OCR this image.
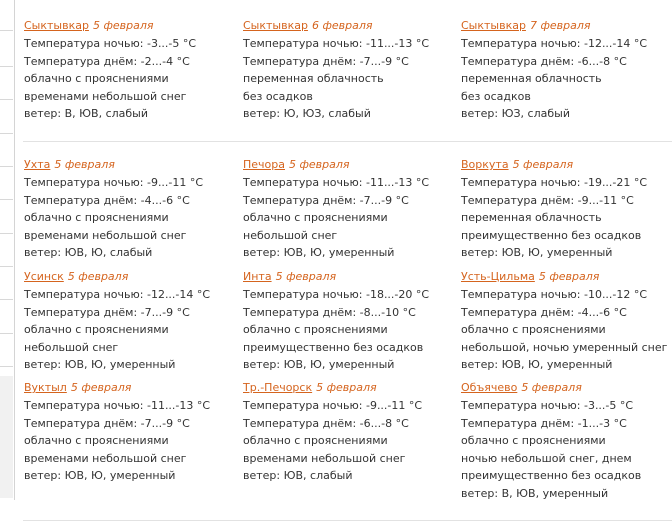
Сыктывкар 5 февраля
Температура ночью: -3...-5 °C
Температура днём: -2...-4 °C
облачно с прояснениями
временами небольшой снег
ветер: В, ЮВ, слабый
Сыктывкар 6 февраля
Температура ночью: -11...-13 °C
Температура днём: -7...-9 °C
переменная облачность
без осадков
ветер: Ю, ЮЗ, слабый
Сыктывкар 7 февраля
Температура ночью: -12...-14 °C
Температура днём: -6...-8 °C
переменная облачность
без осадков
ветер: ЮЗ, слабый
Ухта 5 февраля
Температура ночью: -9...-11 °C
Температура днём: -4...-6 °C
облачно с прояснениями
временами небольшой снег
ветер: ЮВ, Ю, слабый
Печора 5 февраля
Температура ночью: -11...-13 °C
Температура днём: -7...-9 °C
облачно с прояснениями
небольшой снег
ветер: ЮВ, Ю, умеренный
Воркута 5 февраля
Температура ночью: -19...-21 °C
Температура днём: -9...-11 °C
переменная облачность
преимущественно без осадков
ветер: ЮВ, Ю, умеренный
Усинск 5 февраля
Температура ночью: -12...-14 °C
Температура днём: -7...-9 °C
облачно с прояснениями
небольшой снег
ветер: ЮВ, Ю, умеренный
Инта 5 февраля
Температура ночью: -18...-20 °C
Температура днём: -8...-10 °C
облачно с прояснениями
преимущественно без осадков
ветер: ЮВ, Ю, умеренный
Усть-Цильма 5 февраля
Температура ночью: -10...-12 °C
Температура днём: -4...-6 °C
облачно с прояснениями
небольшой, ночью умеренный снег
ветер: ЮВ, Ю, умеренный
Вуктыл 5 февраля
Температура ночью: -11...-13 °C
Температура днём: -7...-9 °C
облачно с прояснениями
временами небольшой снег
ветер: ЮВ, Ю, умеренный
Тр.-Печорск 5 февраля
Температура ночью: -9...-11 °C
Температура днём: -6...-8 °C
облачно с прояснениями
временами небольшой снег
ветер: ЮВ, слабый
Объячево 5 февраля
Температура ночью: -3...-5 °C
Температура днём: -1...-3 °C
облачно с прояснениями
ночью небольшой снег, днем
преимущественно без осадков
ветер: В, ЮВ, умеренный
